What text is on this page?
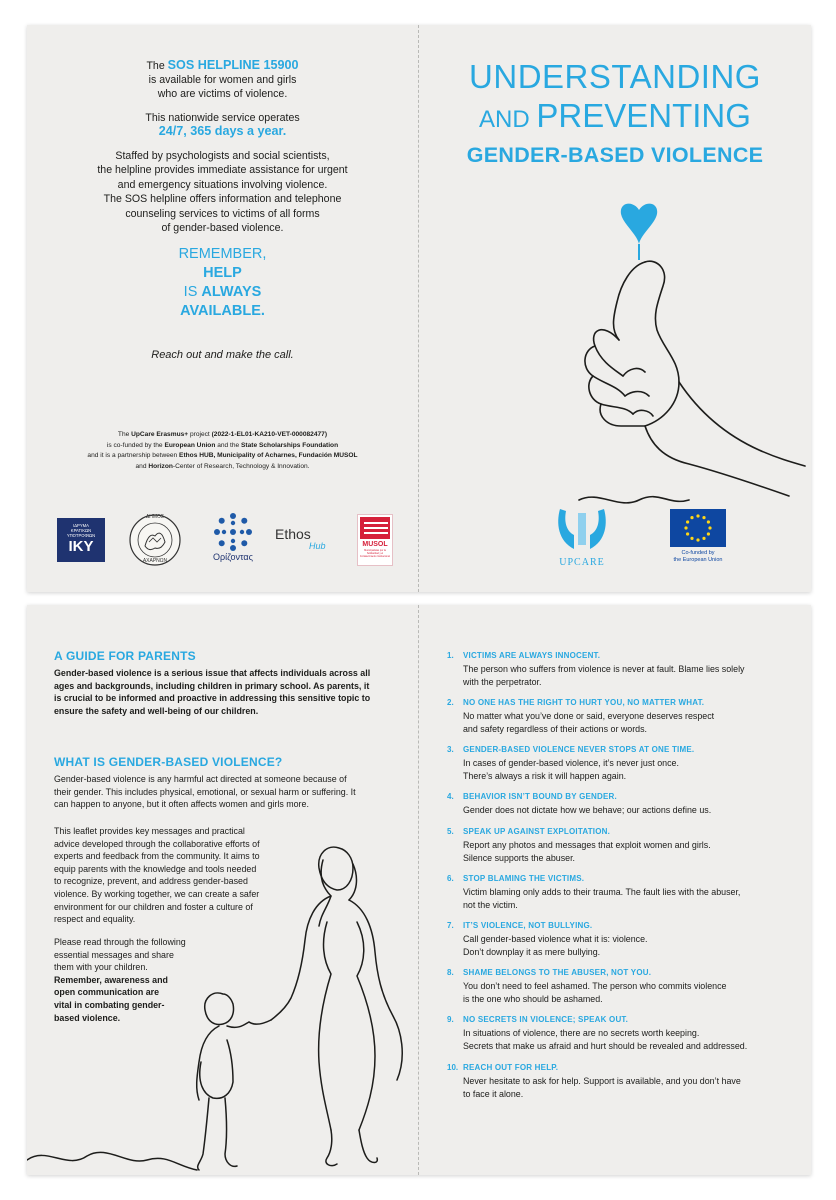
The SOS HELPLINE 15900

is available for women and girls

who are victims of violence.

This nationwide service operates

24/7, 365 days a year.

Staffed by psychologists and social scientists,

the helpline provides immediate assistance for urgent

and emergency situations involving violence.

The SOS helpline offers information and telephone

counseling services to victims of all forms

of gender-based violence.

REMEMBER,
HELP
IS ALWAYS
AVAILABLE.

Reach out and make the call.

The UpCare Erasmus+ project (2022-1-EL01-KA210-VET-000082477)

is co-funded by the European Union and the State Scholarships Foundation

and it is a partnership between Ethos HUB, Municipality of Acharnes, Fundación MUSOL

and Horizon-Center of Research, Technology & Innovation.

ΙΔΡΥΜΑ
ΚΡΑΤΙΚΩΝ
ΥΠΟΤΡΟΦΙΩΝ
IKY
ΔΗΜΟΣ
ΑΧΑΡΝΩΝ	Ορίζοντας
Ethos
Hub	MUSOL
Municipalistas por la Solidaridad y el Fortalecimiento Institucional
UNDERSTANDING
AND PREVENTING
GENDER-BASED VIOLENCE
UPCARE
Co-funded by
the European Union
A GUIDE FOR PARENTS

Gender-based violence is a serious issue that affects individuals across all

ages and backgrounds, including children in primary school. As parents, it

is crucial to be informed and proactive in addressing this sensitive topic to

ensure the safety and well-being of our children.

WHAT IS GENDER-BASED VIOLENCE?

Gender-based violence is any harmful act directed at someone because of

their gender. This includes physical, emotional, or sexual harm or suffering. It

can happen to anyone, but it often affects women and girls more.

This leaflet provides key messages and practical

advice developed through the collaborative efforts of

experts and feedback from the community. It aims to

equip parents with the knowledge and tools needed

to recognize, prevent, and address gender-based

violence. By working together, we can create a safer

environment for our children and foster a culture of

respect and equality.

Please read through the following

essential messages and share

them with your children.

Remember, awareness and

open communication are

vital in combating gender-

based violence.

1. VICTIMS ARE ALWAYS INNOCENT.
The person who suffers from violence is never at fault. Blame lies solely
with the perpetrator.
2. NO ONE HAS THE RIGHT TO HURT YOU, NO MATTER WHAT.
No matter what you’ve done or said, everyone deserves respect
and safety regardless of their actions or words.
3. GENDER-BASED VIOLENCE NEVER STOPS AT ONE TIME.
In cases of gender-based violence, it’s never just once.
There’s always a risk it will happen again.
4. BEHAVIOR ISN’T BOUND BY GENDER.
Gender does not dictate how we behave; our actions define us.
5. SPEAK UP AGAINST EXPLOITATION.
Report any photos and messages that exploit women and girls.
Silence supports the abuser.
6. STOP BLAMING THE VICTIMS.
Victim blaming only adds to their trauma. The fault lies with the abuser,
not the victim.
7. IT’S VIOLENCE, NOT BULLYING.
Call gender-based violence what it is: violence.
Don’t downplay it as mere bullying.
8. SHAME BELONGS TO THE ABUSER, NOT YOU.
You don’t need to feel ashamed. The person who commits violence
is the one who should be ashamed.
9. NO SECRETS IN VIOLENCE; SPEAK OUT.
In situations of violence, there are no secrets worth keeping.
Secrets that make us afraid and hurt should be revealed and addressed.
10. REACH OUT FOR HELP.
Never hesitate to ask for help. Support is available, and you don’t have
to face it alone.
